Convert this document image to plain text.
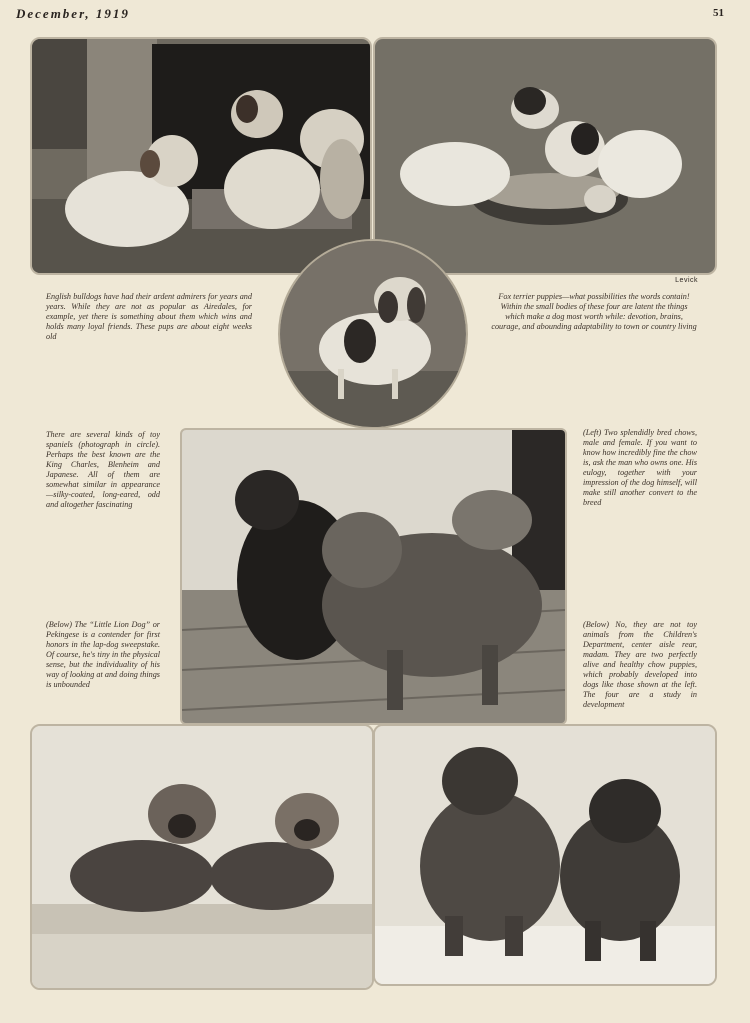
December, 1919	51
Levick
English bulldogs have had their ardent admirers for years and years. While they are not as popular as Airedales, for example, yet there is something about them which wins and holds many loyal friends. These pups are about eight weeks old
Fox terrier puppies—what possibilities the words contain! Within the small bodies of these four are latent the things which make a dog most worth while: devotion, brains, courage, and abounding adaptability to town or country living
There are several kinds of toy spaniels (photograph in circle). Perhaps the best known are the King Charles, Blenheim and Japanese. All of them are somewhat similar in appearance—silky-coated, long-eared, odd and altogether fascinating
(Left) Two splendidly bred chows, male and female. If you want to know how incredibly fine the chow is, ask the man who owns one. His eulogy, together with your impression of the dog himself, will make still another convert to the breed
(Below) The “Little Lion Dog” or Pekingese is a contender for first honors in the lap-dog sweepstake. Of course, he's tiny in the physical sense, but the individuality of his way of looking at and doing things is unbounded
(Below) No, they are not toy animals from the Children's Department, center aisle rear, madam. They are two perfectly alive and healthy chow puppies, which probably developed into dogs like those shown at the left. The four are a study in development
